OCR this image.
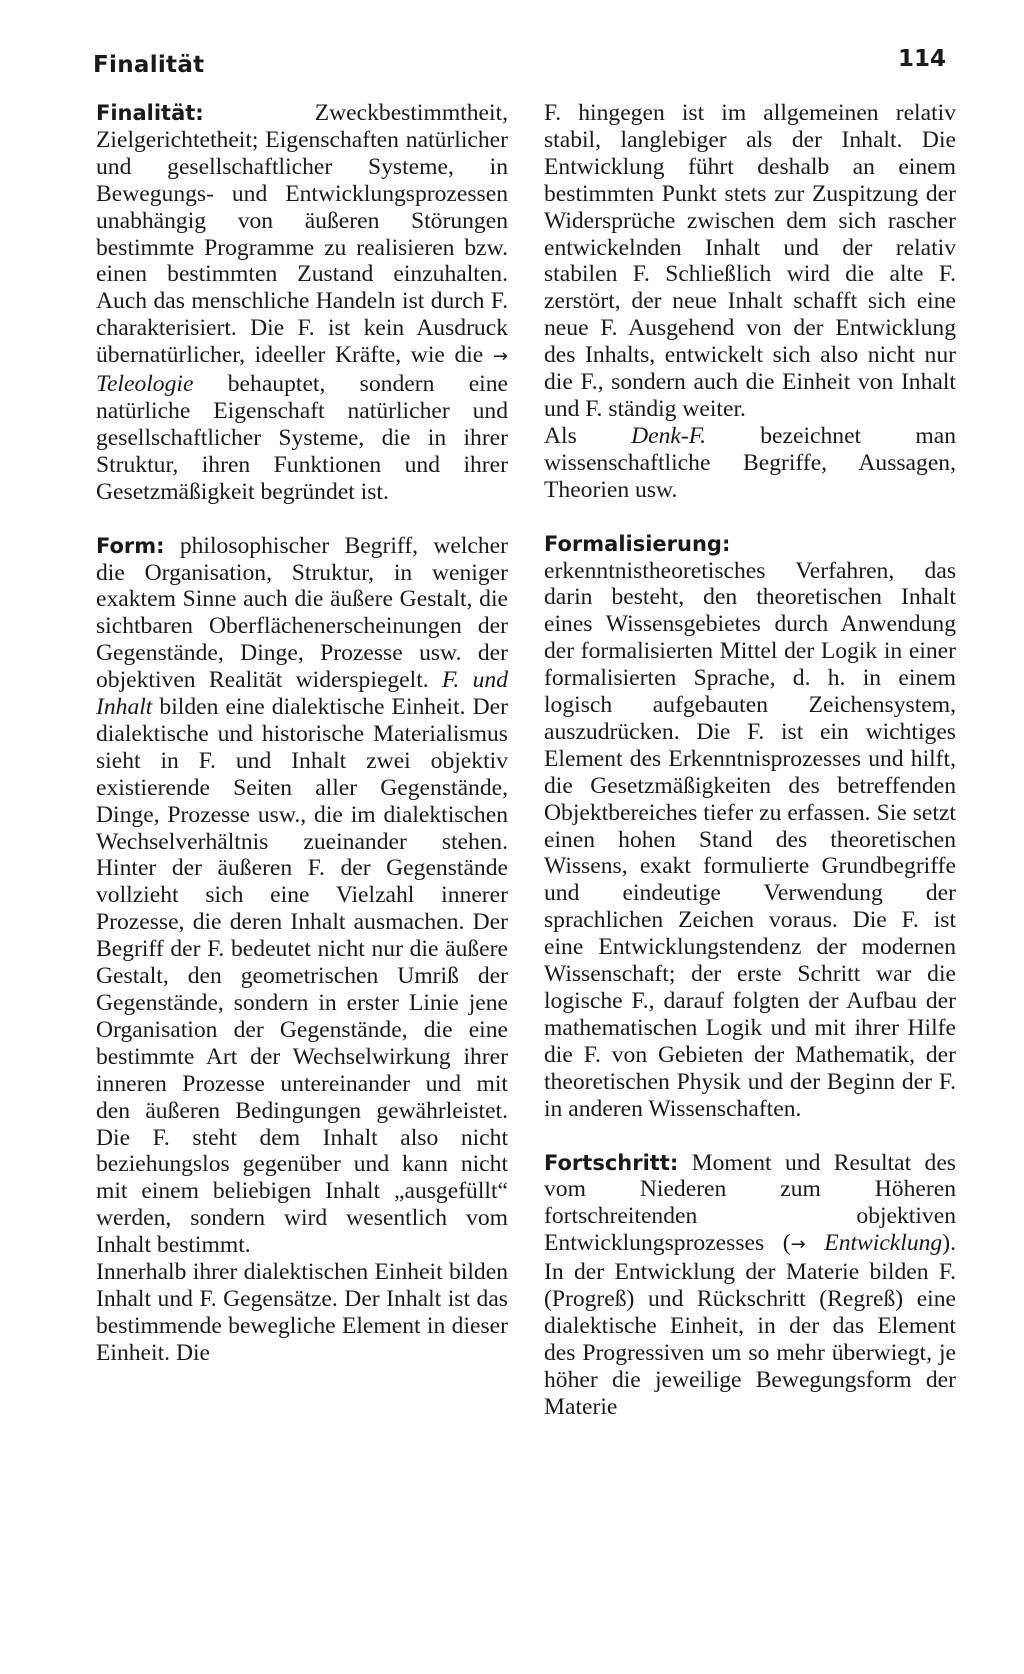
Finalität	114

Finalität: Zweckbestimmtheit, Zielgerichtetheit; Eigenschaften natürlicher und gesellschaftlicher Systeme, in Bewegungs- und Entwicklungsprozessen unabhängig von äußeren Störungen bestimmte Programme zu realisieren bzw. einen bestimmten Zustand einzuhalten. Auch das menschliche Handeln ist durch F. charakterisiert. Die F. ist kein Ausdruck übernatürlicher, ideeller Kräfte, wie die → Teleologie behauptet, sondern eine natürliche Eigenschaft natürlicher und gesellschaftlicher Systeme, die in ihrer Struktur, ihren Funktionen und ihrer Gesetzmäßigkeit begründet ist.

Form: philosophischer Begriff, welcher die Organisation, Struktur, in weniger exaktem Sinne auch die äußere Gestalt, die sichtbaren Oberflächenerscheinungen der Gegenstände, Dinge, Prozesse usw. der objektiven Realität widerspiegelt. F. und Inhalt bilden eine dialektische Einheit. Der dialektische und historische Materialismus sieht in F. und Inhalt zwei objektiv existierende Seiten aller Gegenstände, Dinge, Prozesse usw., die im dialektischen Wechselverhältnis zueinander stehen. Hinter der äußeren F. der Gegenstände vollzieht sich eine Vielzahl innerer Prozesse, die deren Inhalt ausmachen. Der Begriff der F. bedeutet nicht nur die äußere Gestalt, den geometrischen Umriß der Gegenstände, sondern in erster Linie jene Organisation der Gegenstände, die eine bestimmte Art der Wechselwirkung ihrer inneren Prozesse untereinander und mit den äußeren Bedingungen gewährleistet. Die F. steht dem Inhalt also nicht beziehungslos gegenüber und kann nicht mit einem beliebigen Inhalt „ausgefüllt“ werden, sondern wird wesentlich vom Inhalt bestimmt.

Innerhalb ihrer dialektischen Einheit bilden Inhalt und F. Gegensätze. Der Inhalt ist das bestimmende bewegliche Element in dieser Einheit. Die

F. hingegen ist im allgemeinen relativ stabil, langlebiger als der Inhalt. Die Entwicklung führt deshalb an einem bestimmten Punkt stets zur Zuspitzung der Widersprüche zwischen dem sich rascher entwickelnden Inhalt und der relativ stabilen F. Schließlich wird die alte F. zerstört, der neue Inhalt schafft sich eine neue F. Ausgehend von der Entwicklung des Inhalts, entwickelt sich also nicht nur die F., sondern auch die Einheit von Inhalt und F. ständig weiter.

Als Denk-F. bezeichnet man wissenschaftliche Begriffe, Aussagen, Theorien usw.

Formalisierung: erkenntnistheoretisches Verfahren, das darin besteht, den theoretischen Inhalt eines Wissensgebietes durch Anwendung der formalisierten Mittel der Logik in einer formalisierten Sprache, d. h. in einem logisch aufgebauten Zeichensystem, auszudrücken. Die F. ist ein wichtiges Element des Erkenntnisprozesses und hilft, die Gesetzmäßigkeiten des betreffenden Objektbereiches tiefer zu erfassen. Sie setzt einen hohen Stand des theoretischen Wissens, exakt formulierte Grundbegriffe und eindeutige Verwendung der sprachlichen Zeichen voraus. Die F. ist eine Entwicklungstendenz der modernen Wissenschaft; der erste Schritt war die logische F., darauf folgten der Aufbau der mathematischen Logik und mit ihrer Hilfe die F. von Gebieten der Mathematik, der theoretischen Physik und der Beginn der F. in anderen Wissenschaften.

Fortschritt: Moment und Resultat des vom Niederen zum Höheren fortschreitenden objektiven Entwicklungsprozesses (→ Entwicklung). In der Entwicklung der Materie bilden F. (Progreß) und Rückschritt (Regreß) eine dialektische Einheit, in der das Element des Progressiven um so mehr überwiegt, je höher die jeweilige Bewegungsform der Materie
